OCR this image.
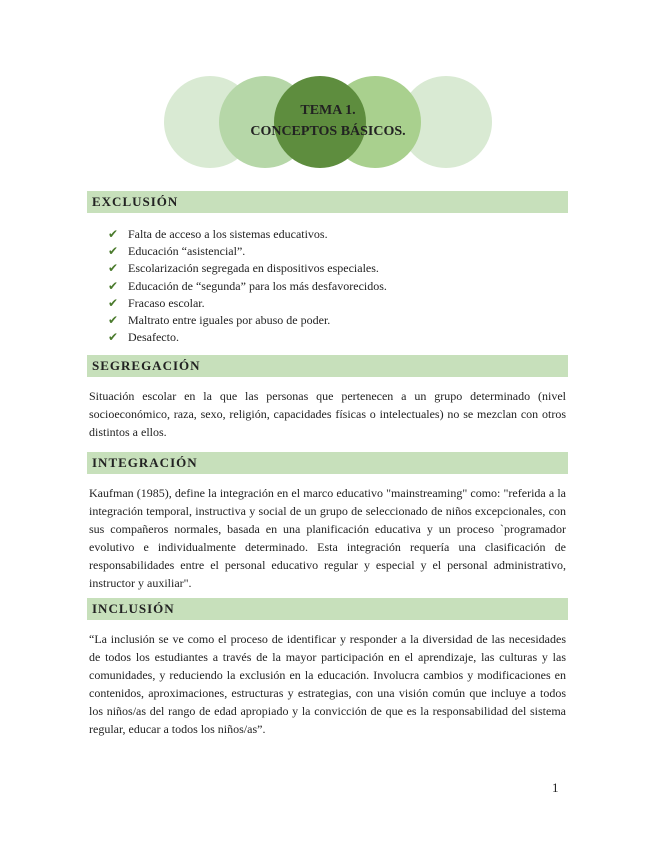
TEMA 1.
CONCEPTOS BÁSICOS.
EXCLUSIÓN
✔ Falta de acceso a los sistemas educativos.
✔ Educación “asistencial”.
✔ Escolarización segregada en dispositivos especiales.
✔ Educación de “segunda” para los más desfavorecidos.
✔ Fracaso escolar.
✔ Maltrato entre iguales por abuso de poder.
✔ Desafecto.
SEGREGACIÓN

Situación escolar en la que las personas que pertenecen a un grupo determinado (nivel socioeconómico, raza, sexo, religión, capacidades físicas o intelectuales) no se mezclan con otros distintos a ellos.

INTEGRACIÓN

Kaufman (1985), define la integración en el marco educativo "mainstreaming" como: "referida a la integración temporal, instructiva y social de un grupo de seleccionado de niños excepcionales, con sus compañeros normales, basada en una planificación educativa y un proceso `programador evolutivo e individualmente determinado. Esta integración requería una clasificación de responsabilidades entre el personal educativo regular y especial y el personal administrativo, instructor y auxiliar".

INCLUSIÓN

“La inclusión se ve como el proceso de identificar y responder a la diversidad de las necesidades de todos los estudiantes a través de la mayor participación en el aprendizaje, las culturas y las comunidades, y reduciendo la exclusión en la educación. Involucra cambios y modificaciones en contenidos, aproximaciones, estructuras y estrategias, con una visión común que incluye a todos los niños/as del rango de edad apropiado y la convicción de que es la responsabilidad del sistema regular, educar a todos los niños/as”.

1
